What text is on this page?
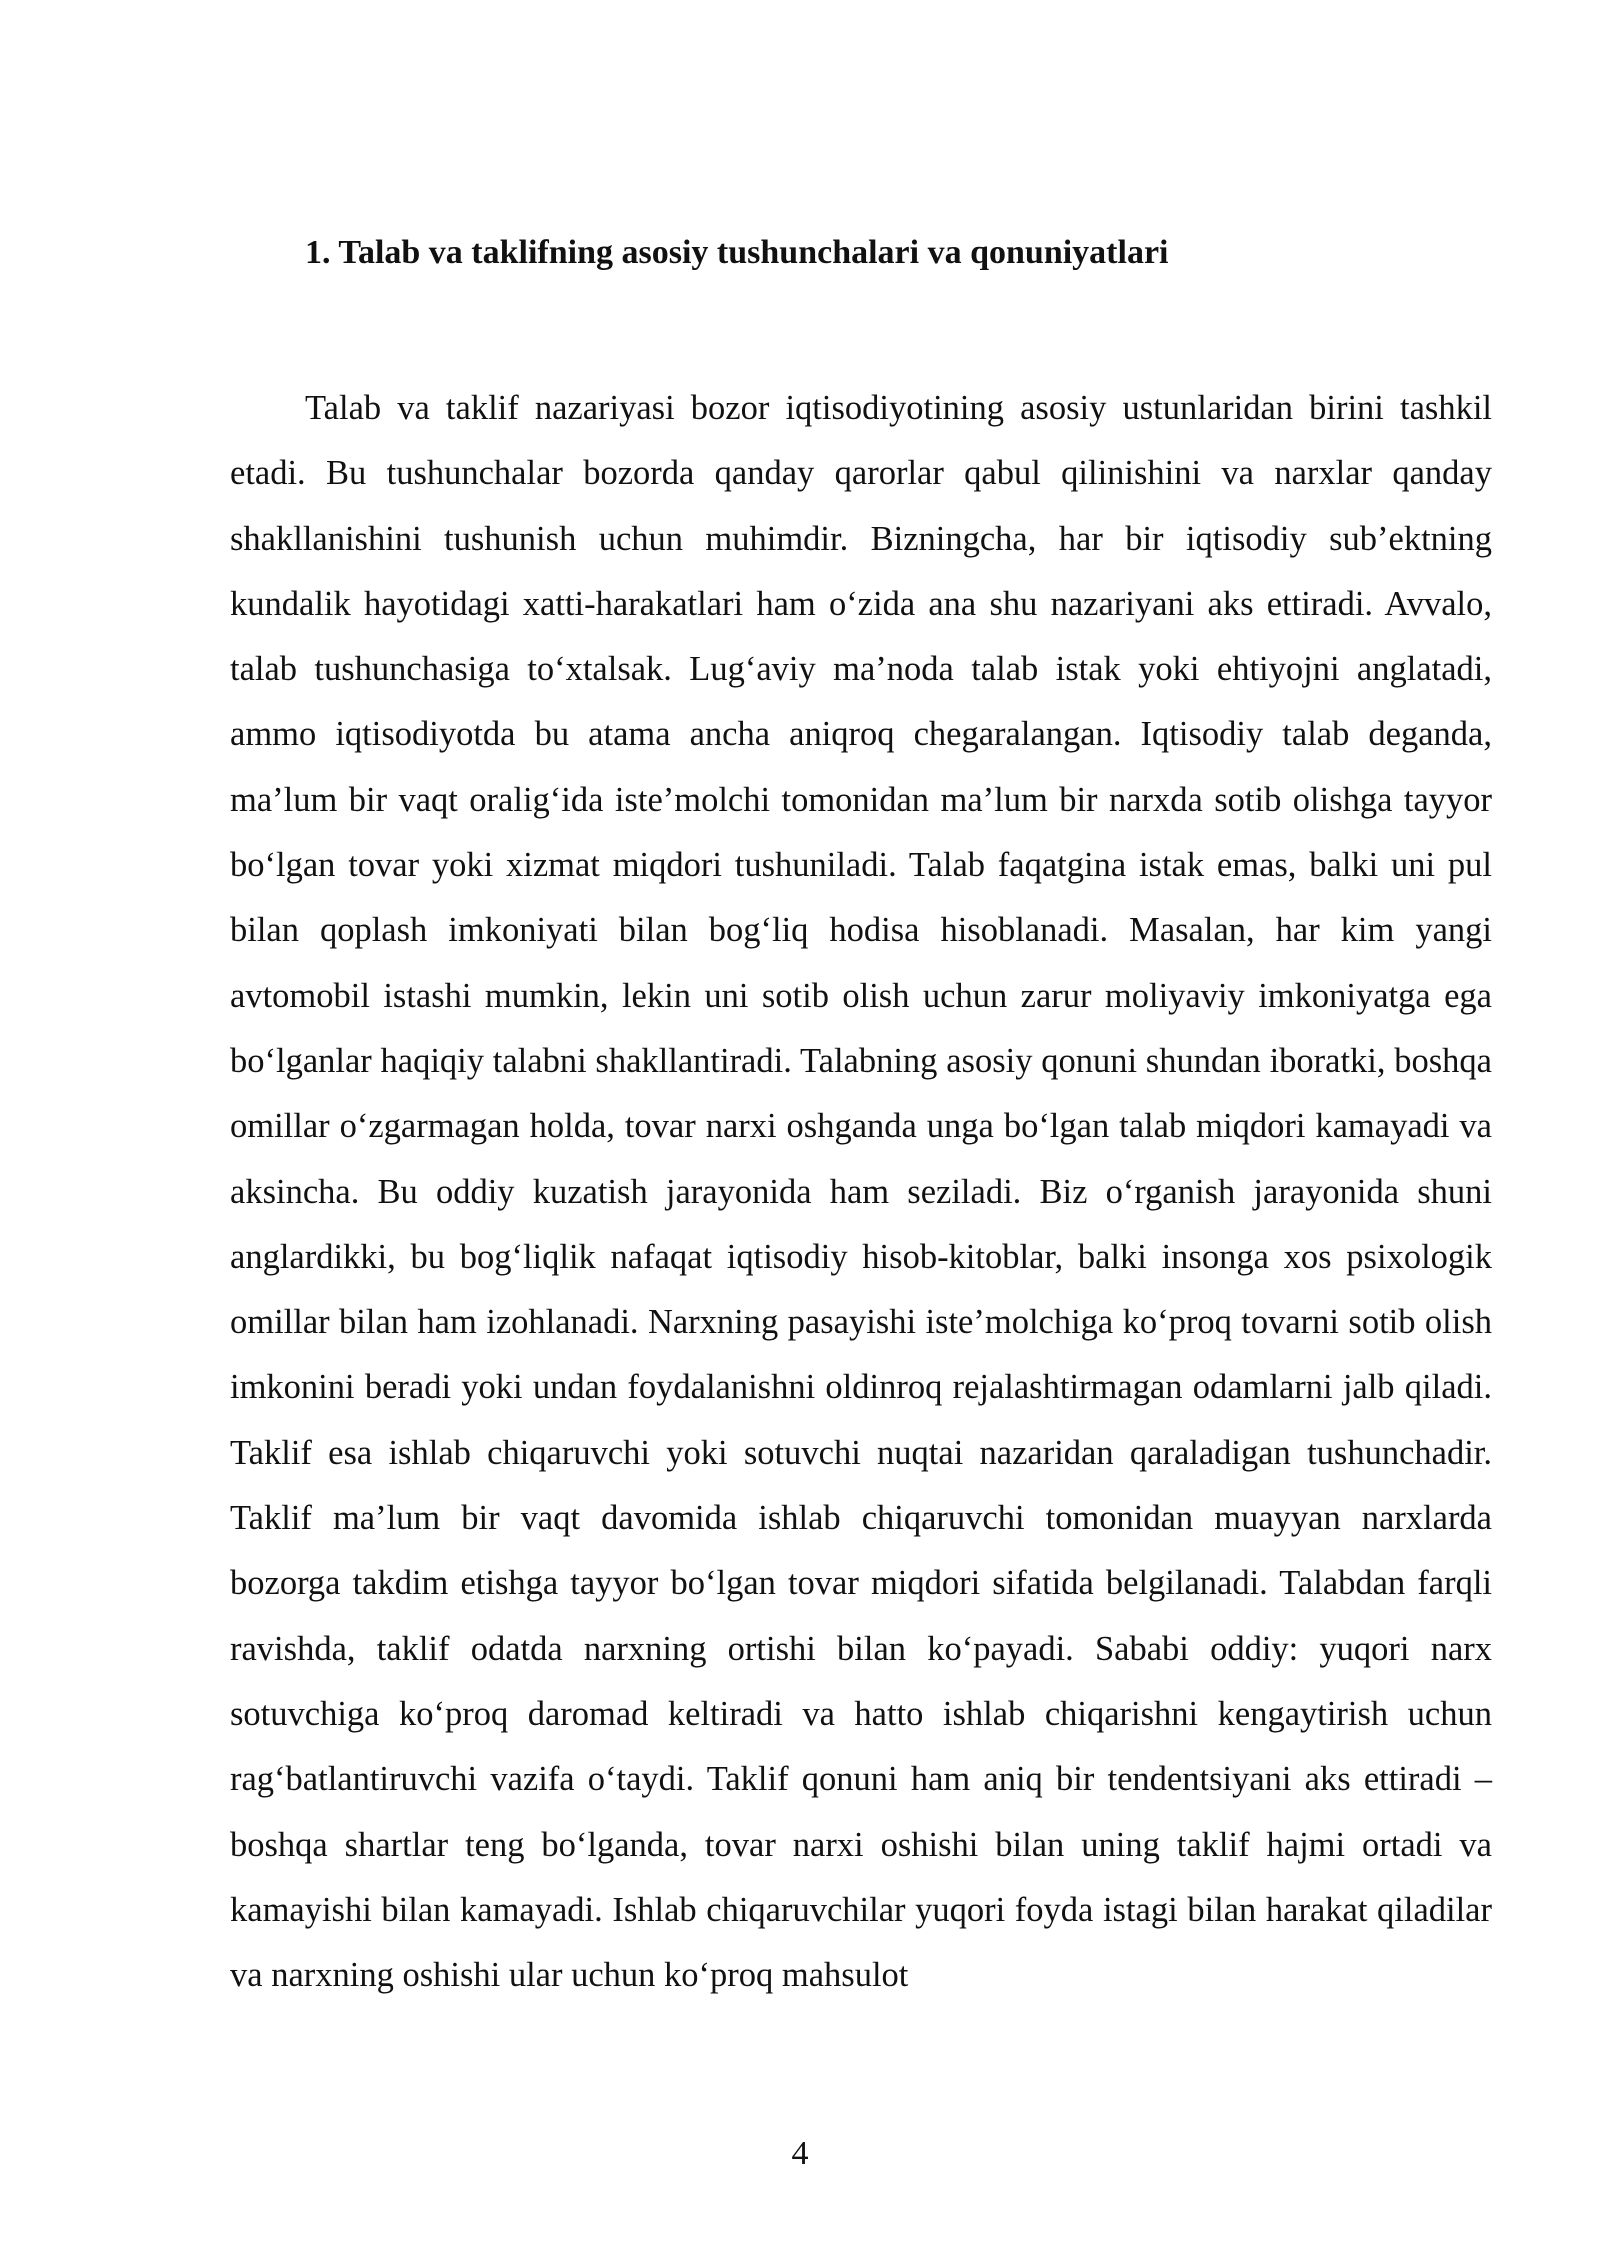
1. Talab va taklifning asosiy tushunchalari va qonuniyatlari

Talab va taklif nazariyasi bozor iqtisodiyotining asosiy ustunlaridan birini tashkil etadi. Bu tushunchalar bozorda qanday qarorlar qabul qilinishini va narxlar qanday shakllanishini tushunish uchun muhimdir. Bizningcha, har bir iqtisodiy sub’ektning kundalik hayotidagi xatti-harakatlari ham o‘zida ana shu nazariyani aks ettiradi. Avvalo, talab tushunchasiga to‘xtalsak. Lug‘aviy ma’noda talab istak yoki ehtiyojni anglatadi, ammo iqtisodiyotda bu atama ancha aniqroq chegaralangan. Iqtisodiy talab deganda, ma’lum bir vaqt oralig‘ida iste’molchi tomonidan ma’lum bir narxda sotib olishga tayyor bo‘lgan tovar yoki xizmat miqdori tushuniladi. Talab faqatgina istak emas, balki uni pul bilan qoplash imkoniyati bilan bog‘liq hodisa hisoblanadi. Masalan, har kim yangi avtomobil istashi mumkin, lekin uni sotib olish uchun zarur moliyaviy imkoniyatga ega bo‘lganlar haqiqiy talabni shakllantiradi. Talabning asosiy qonuni shundan iboratki, boshqa omillar o‘zgarmagan holda, tovar narxi oshganda unga bo‘lgan talab miqdori kamayadi va aksincha. Bu oddiy kuzatish jarayonida ham seziladi. Biz o‘rganish jarayonida shuni anglardikki, bu bog‘liqlik nafaqat iqtisodiy hisob-kitoblar, balki insonga xos psixologik omillar bilan ham izohlanadi. Narxning pasayishi iste’molchiga ko‘proq tovarni sotib olish imkonini beradi yoki undan foydalanishni oldinroq rejalashtirmagan odamlarni jalb qiladi. Taklif esa ishlab chiqaruvchi yoki sotuvchi nuqtai nazaridan qaraladigan tushunchadir. Taklif ma’lum bir vaqt davomida ishlab chiqaruvchi tomonidan muayyan narxlarda bozorga takdim etishga tayyor bo‘lgan tovar miqdori sifatida belgilanadi. Talabdan farqli ravishda, taklif odatda narxning ortishi bilan ko‘payadi. Sababi oddiy: yuqori narx sotuvchiga ko‘proq daromad keltiradi va hatto ishlab chiqarishni kengaytirish uchun rag‘batlantiruvchi vazifa o‘taydi. Taklif qonuni ham aniq bir tendentsiyani aks ettiradi – boshqa shartlar teng bo‘lganda, tovar narxi oshishi bilan uning taklif hajmi ortadi va kamayishi bilan kamayadi. Ishlab chiqaruvchilar yuqori foyda istagi bilan harakat qiladilar va narxning oshishi ular uchun ko‘proq mahsulot

4
